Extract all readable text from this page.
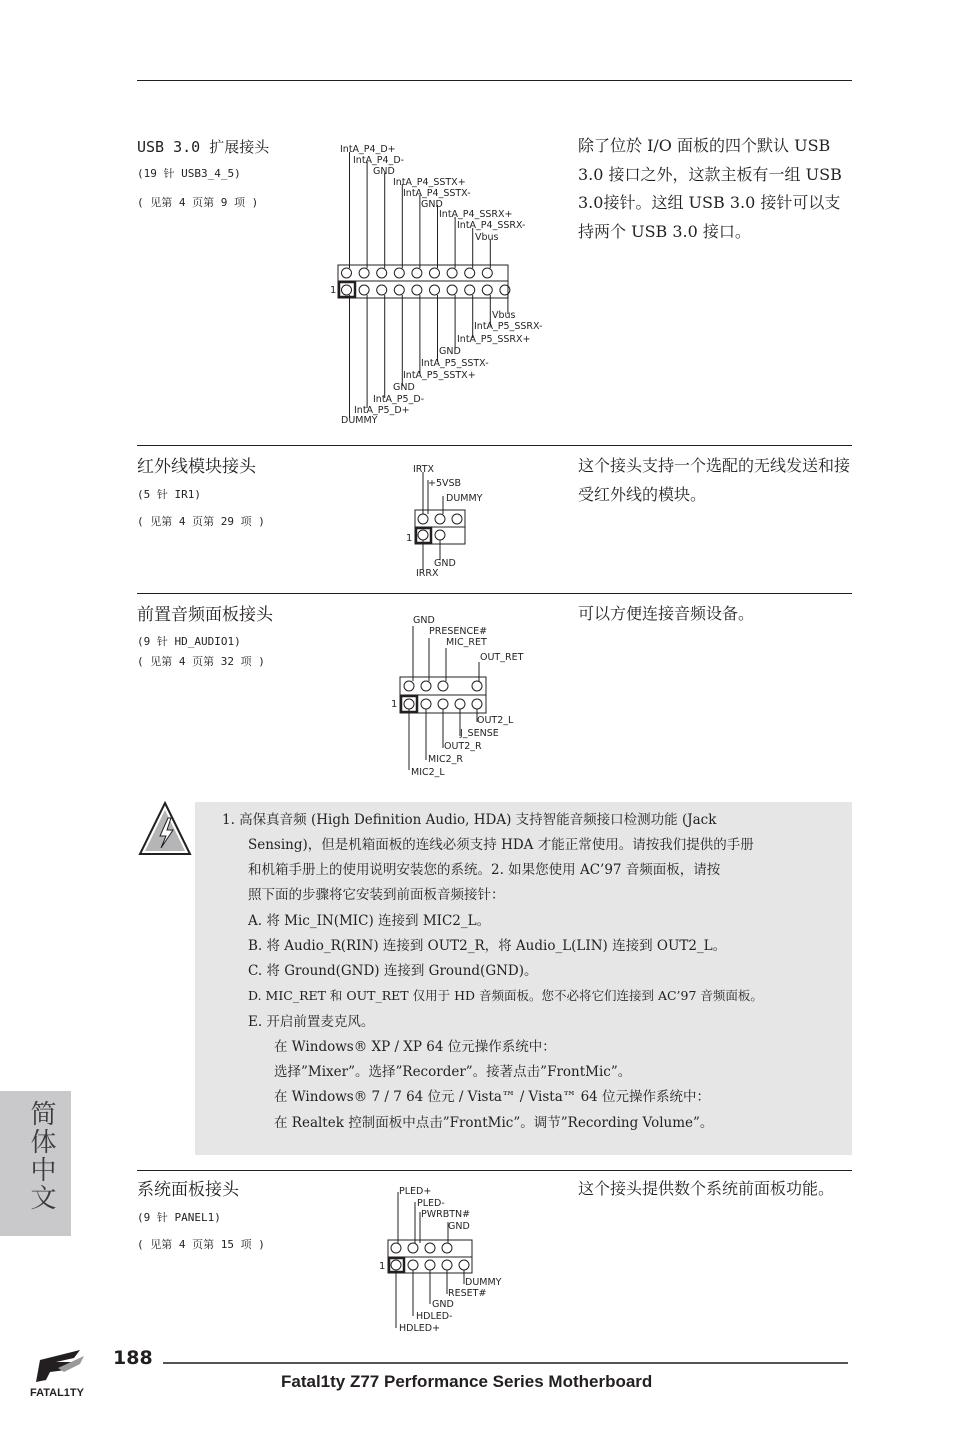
USB 3.0 扩展接头
(19 针 USB3_4_5)
( 见第 4 页第 9 项 )
除了位於 I/O 面板的四个默认 USB 3.0 接口之外，这款主板有一组 USB 3.0接针。这组 USB 3.0 接针可以支持两个 USB 3.0 接口。
1
IntA_P4_D+
IntA_P4_D-
GND
IntA_P4_SSTX+
IntA_P4_SSTX-
GND
IntA_P4_SSRX+
IntA_P4_SSRX-
Vbus
Vbus
IntA_P5_SSRX-
IntA_P5_SSRX+
GND
IntA_P5_SSTX-
IntA_P5_SSTX+
GND
IntA_P5_D-
IntA_P5_D+
DUMMY
红外线模块接头
(5 针 IR1)
( 见第 4 页第 29 项 )
这个接头支持一个选配的无线发送和接受红外线的模块。
1
IRTX
+5VSB
DUMMY
GND
IRRX
前置音频面板接头
(9 针 HD_AUDIO1)
( 见第 4 页第 32 项 )
可以方便连接音频设备。
1
GND
PRESENCE#
MIC_RET
OUT_RET
OUT2_L
J_SENSE
OUT2_R
MIC2_R
MIC2_L
1. 高保真音频 (High Definition Audio, HDA) 支持智能音频接口检测功能 (Jack
Sensing)，但是机箱面板的连线必须支持 HDA 才能正常使用。请按我们提供的手册
和机箱手册上的使用说明安装您的系统。2. 如果您使用 AC’97 音频面板，请按
照下面的步骤将它安装到前面板音频接针：
A. 将 Mic_IN(MIC) 连接到 MIC2_L。
B. 将 Audio_R(RIN) 连接到 OUT2_R，将 Audio_L(LIN) 连接到 OUT2_L。
C. 将 Ground(GND) 连接到 Ground(GND)。
D. MIC_RET 和 OUT_RET 仅用于 HD 音频面板。您不必将它们连接到 AC’97 音频面板。
E. 开启前置麦克风。
在 Windows® XP / XP 64 位元操作系统中：
选择”Mixer”。选择”Recorder”。接著点击”FrontMic”。
在 Windows® 7 / 7 64 位元 / Vista™ / Vista™ 64 位元操作系统中：
在 Realtek 控制面板中点击”FrontMic”。调节”Recording Volume”。
系统面板接头
(9 针 PANEL1)
( 见第 4 页第 15 项 )
这个接头提供数个系统前面板功能。
1
PLED+
PLED-
PWRBTN#
GND
DUMMY
RESET#
GND
HDLED-
HDLED+
简体中文
FATAL1TY
188
Fatal1ty Z77 Performance Series Motherboard
